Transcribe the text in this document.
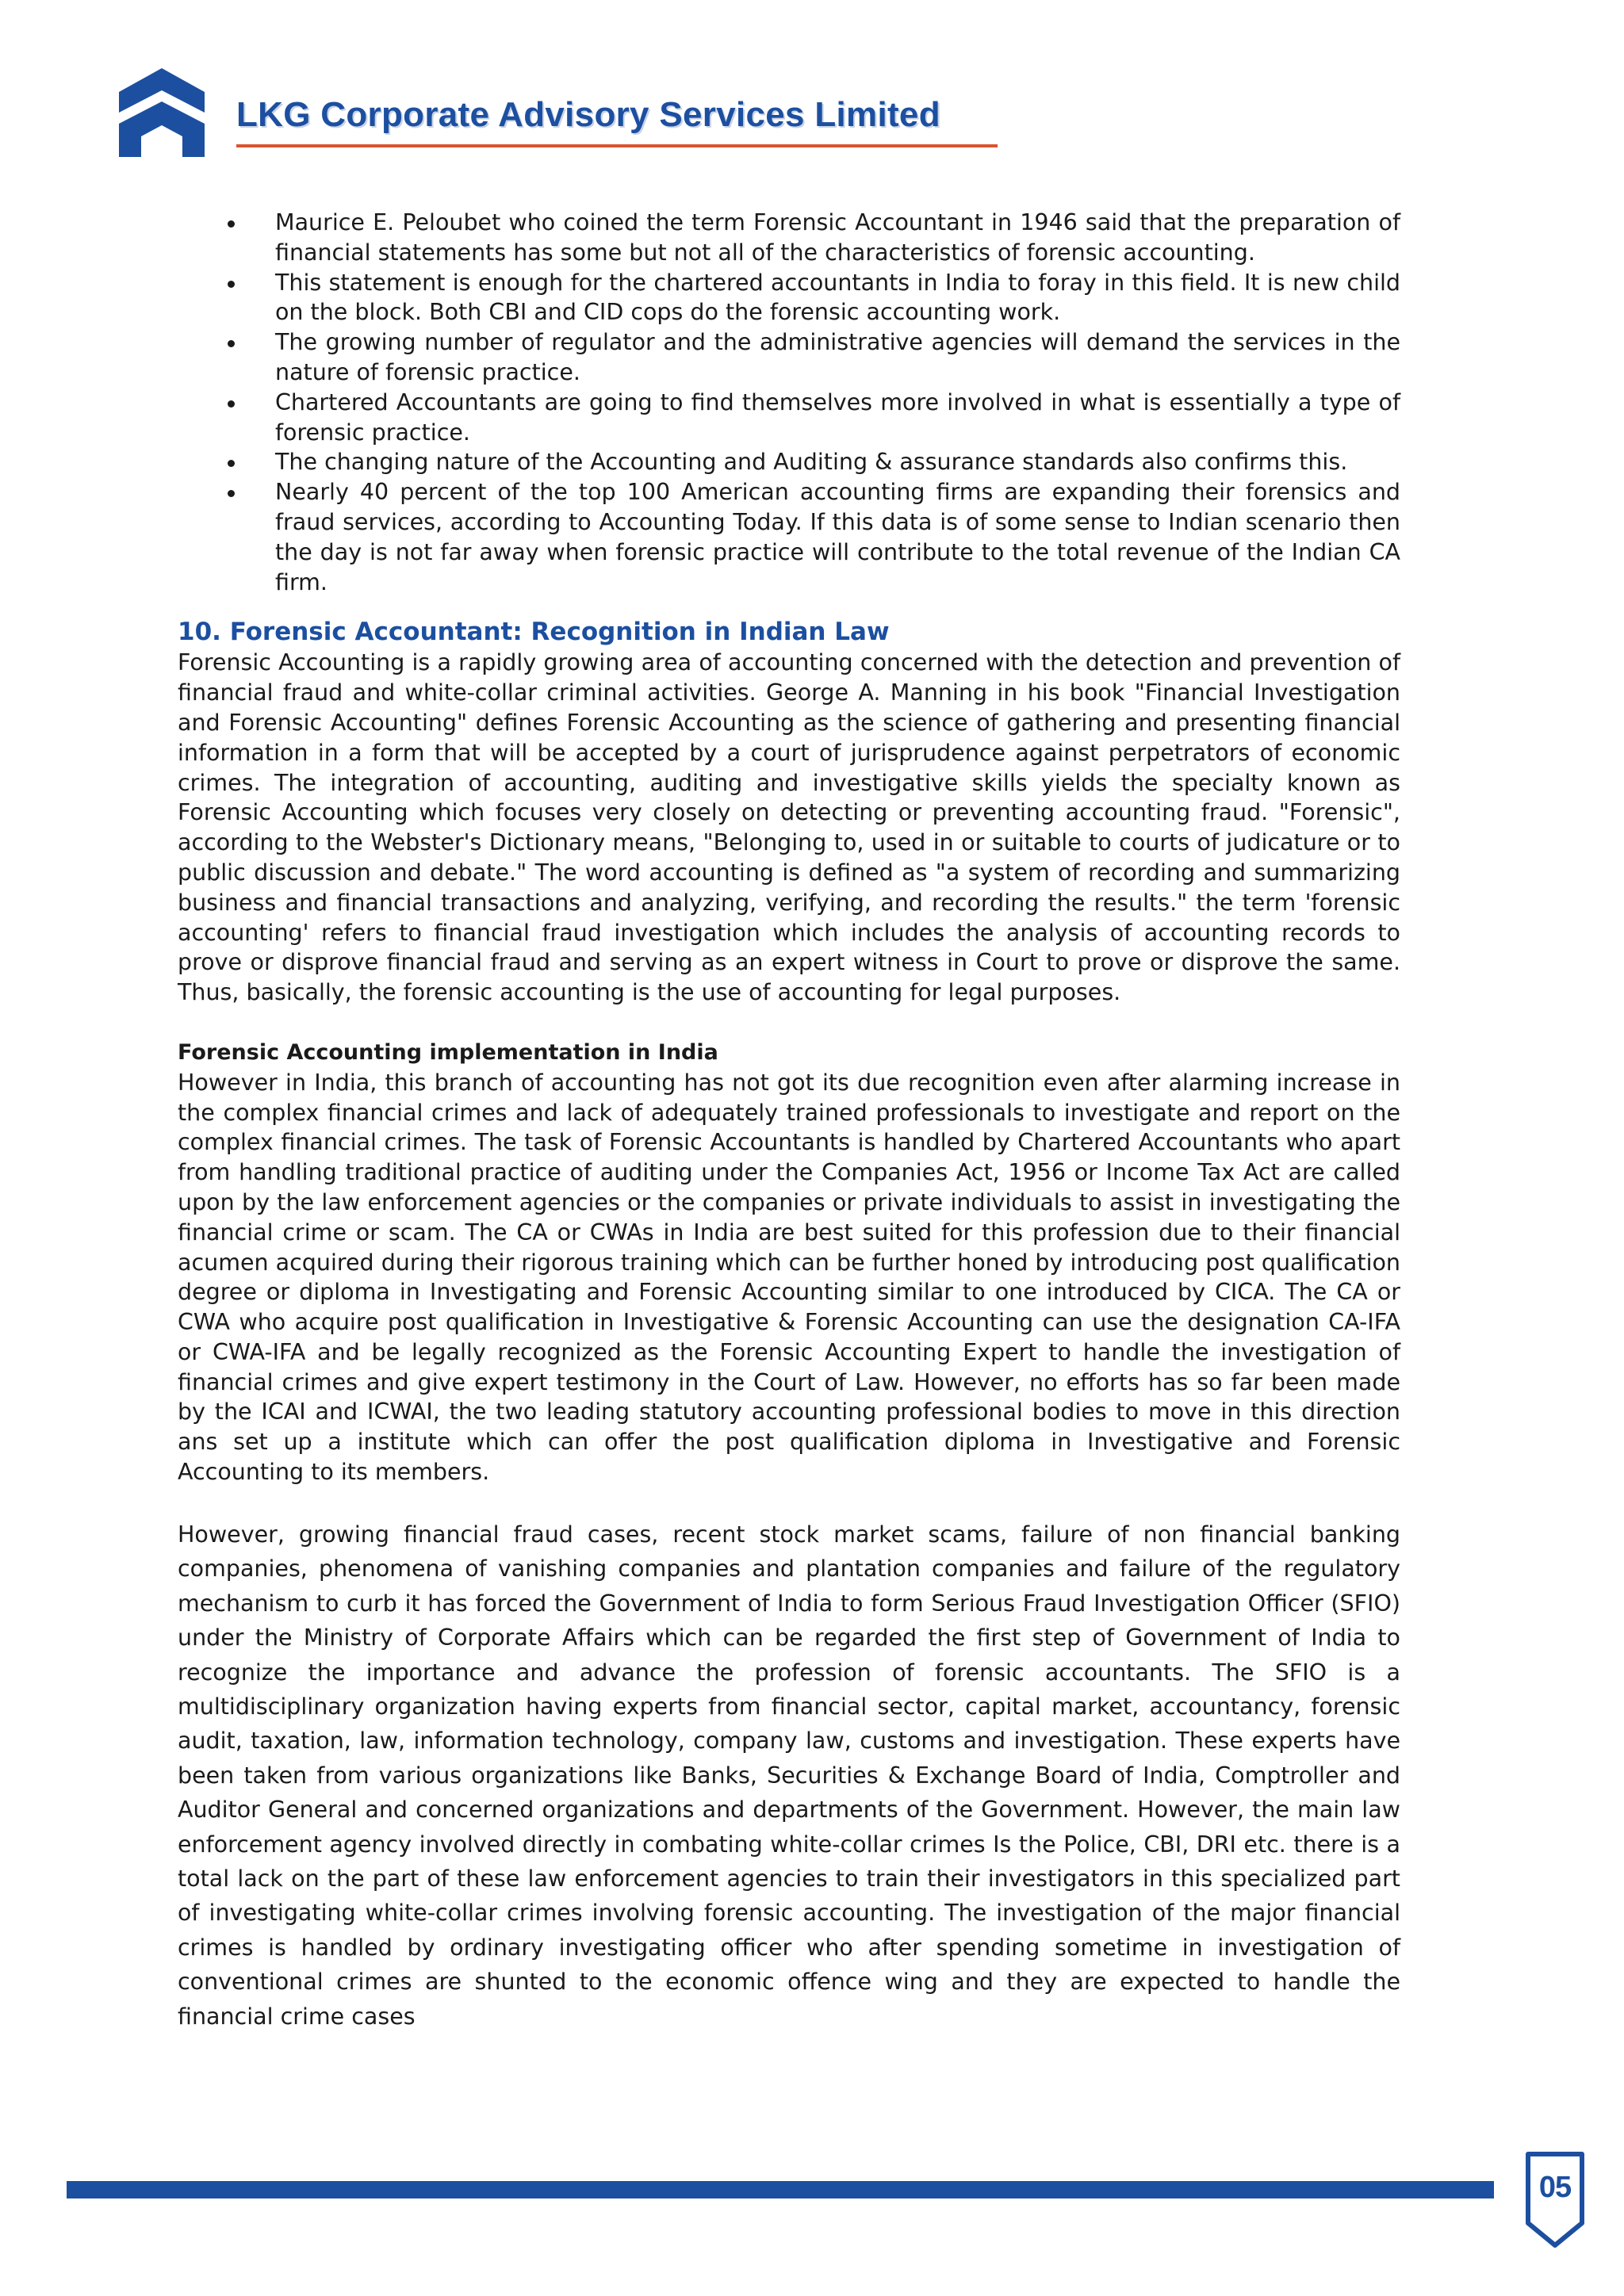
LKG Corporate Advisory Services Limited
Maurice E. Peloubet who coined the term Forensic Accountant in 1946 said that the preparation of financial statements has some but not all of the characteristics of forensic accounting.
This statement is enough for the chartered accountants in India to foray in this field. It is new child on the block. Both CBI and CID cops do the forensic accounting work.
The growing number of regulator and the administrative agencies will demand the services in the nature of forensic practice.
Chartered Accountants are going to find themselves more involved in what is essentially a type of forensic practice.
The changing nature of the Accounting and Auditing & assurance standards also confirms this.
Nearly 40 percent of the top 100 American accounting firms are expanding their forensics and fraud services, according to Accounting Today. If this data is of some sense to Indian scenario then the day is not far away when forensic practice will contribute to the total revenue of the Indian CA firm.
10. Forensic Accountant: Recognition in Indian Law

Forensic Accounting is a rapidly growing area of accounting concerned with the detection and prevention of financial fraud and white-collar criminal activities. George A. Manning in his book "Financial Investigation and Forensic Accounting" defines Forensic Accounting as the science of gathering and presenting financial information in a form that will be accepted by a court of jurisprudence against perpetrators of economic crimes. The integration of accounting, auditing and investigative skills yields the specialty known as Forensic Accounting which focuses very closely on detecting or preventing accounting fraud. "Forensic", according to the Webster's Dictionary means, "Belonging to, used in or suitable to courts of judicature or to public discussion and debate." The word accounting is defined as "a system of recording and summarizing business and financial transactions and analyzing, verifying, and recording the results." the term 'forensic accounting' refers to financial fraud investigation which includes the analysis of accounting records to prove or disprove financial fraud and serving as an expert witness in Court to prove or disprove the same. Thus, basically, the forensic accounting is the use of accounting for legal purposes.

Forensic Accounting implementation in India

However in India, this branch of accounting has not got its due recognition even after alarming increase in the complex financial crimes and lack of adequately trained professionals to investigate and report on the complex financial crimes. The task of Forensic Accountants is handled by Chartered Accountants who apart from handling traditional practice of auditing under the Companies Act, 1956 or Income Tax Act are called upon by the law enforcement agencies or the companies or private individuals to assist in investigating the financial crime or scam. The CA or CWAs in India are best suited for this profession due to their financial acumen acquired during their rigorous training which can be further honed by introducing post qualification degree or diploma in Investigating and Forensic Accounting similar to one introduced by CICA. The CA or CWA who acquire post qualification in Investigative & Forensic Accounting can use the designation CA-IFA or CWA-IFA and be legally recognized as the Forensic Accounting Expert to handle the investigation of financial crimes and give expert testimony in the Court of Law. However, no efforts has so far been made by the ICAI and ICWAI, the two leading statutory accounting professional bodies to move in this direction ans set up a institute which can offer the post qualification diploma in Investigative and Forensic Accounting to its members.

However, growing financial fraud cases, recent stock market scams, failure of non financial banking companies, phenomena of vanishing companies and plantation companies and failure of the regulatory mechanism to curb it has forced the Government of India to form Serious Fraud Investigation Officer (SFIO) under the Ministry of Corporate Affairs which can be regarded the first step of Government of India to recognize the importance and advance the profession of forensic accountants. The SFIO is a multidisciplinary organization having experts from financial sector, capital market, accountancy, forensic audit, taxation, law, information technology, company law, customs and investigation. These experts have been taken from various organizations like Banks, Securities & Exchange Board of India, Comptroller and Auditor General and concerned organizations and departments of the Government. However, the main law enforcement agency involved directly in combating white-collar crimes Is the Police, CBI, DRI etc. there is a total lack on the part of these law enforcement agencies to train their investigators in this specialized part of investigating white-collar crimes involving forensic accounting. The investigation of the major financial crimes is handled by ordinary investigating officer who after spending sometime in investigation of conventional crimes are shunted to the economic offence wing and they are expected to handle the financial crime cases

05
